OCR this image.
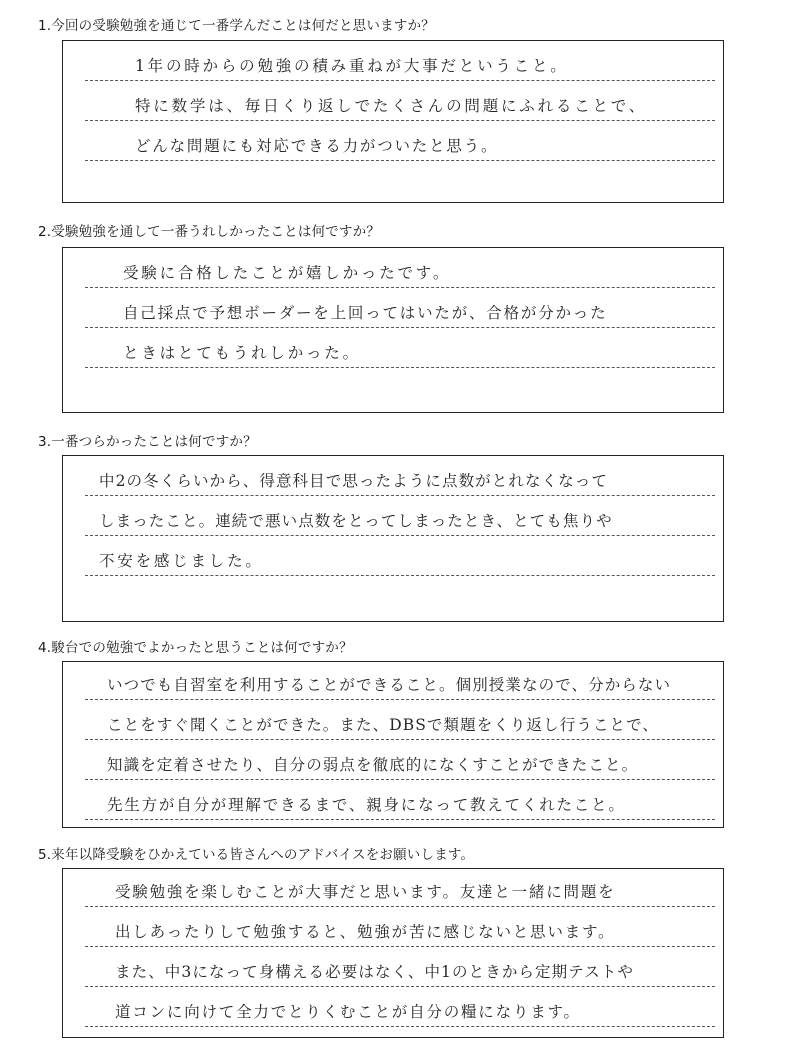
1.今回の受験勉強を通じて一番学んだことは何だと思いますか？
1年の時からの勉強の積み重ねが大事だということ。
特に数学は、毎日くり返しでたくさんの問題にふれることで、
どんな問題にも対応できる力がついたと思う。
2.受験勉強を通して一番うれしかったことは何ですか？
受験に合格したことが嬉しかったです。
自己採点で予想ボーダーを上回ってはいたが、合格が分かった
ときはとてもうれしかった。
3.一番つらかったことは何ですか？
中2の冬くらいから、得意科目で思ったように点数がとれなくなって
しまったこと。連続で悪い点数をとってしまったとき、とても焦りや
不安を感じました。
4.駿台での勉強でよかったと思うことは何ですか？
いつでも自習室を利用することができること。個別授業なので、分からない
ことをすぐ聞くことができた。また、DBSで類題をくり返し行うことで、
知識を定着させたり、自分の弱点を徹底的になくすことができたこと。
先生方が自分が理解できるまで、親身になって教えてくれたこと。
5.来年以降受験をひかえている皆さんへのアドバイスをお願いします。
受験勉強を楽しむことが大事だと思います。友達と一緒に問題を
出しあったりして勉強すると、勉強が苦に感じないと思います。
また、中3になって身構える必要はなく、中1のときから定期テストや
道コンに向けて全力でとりくむことが自分の糧になります。
